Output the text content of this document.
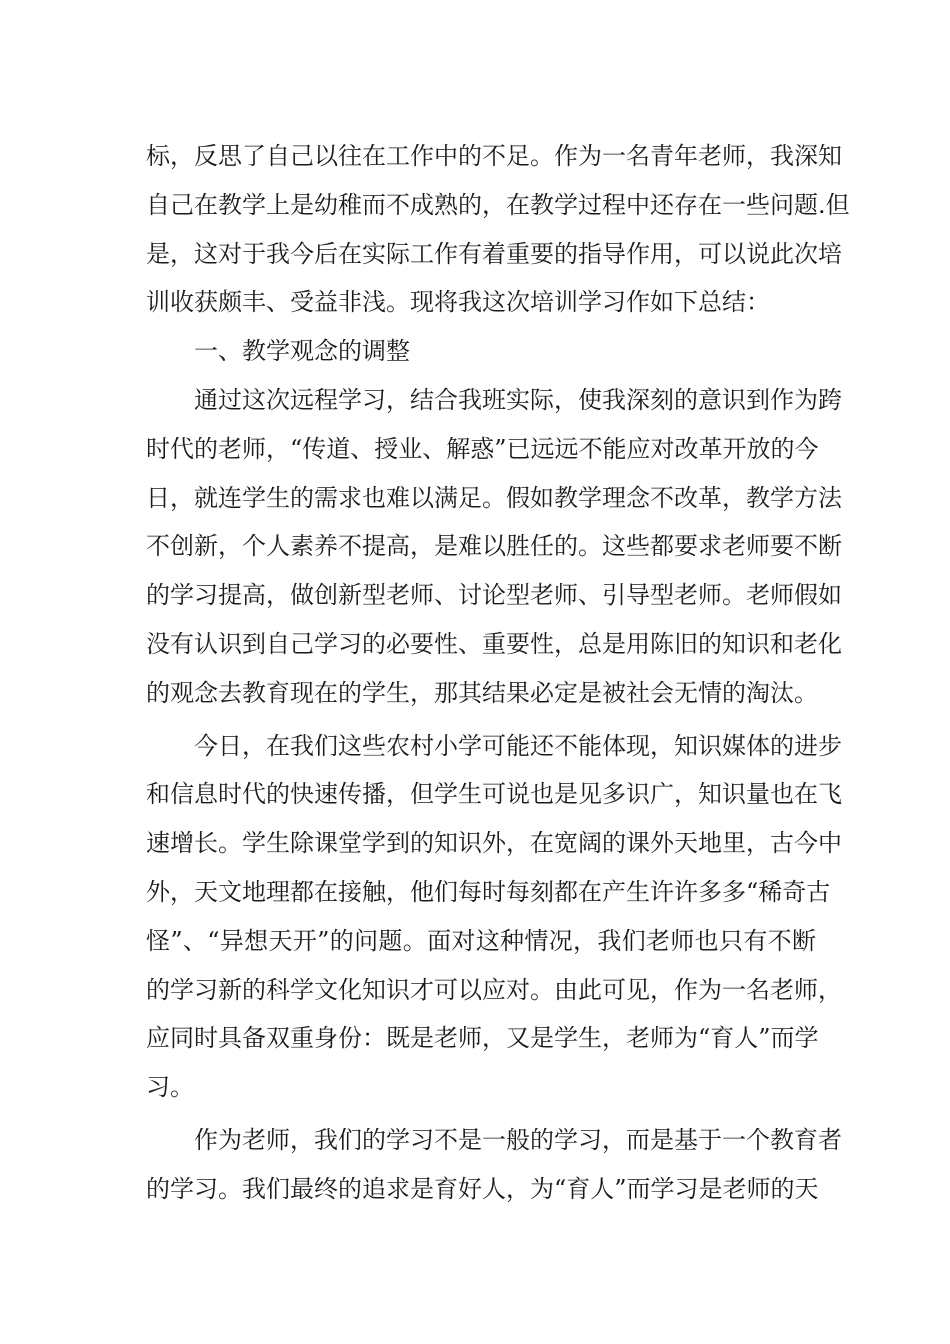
标，反思了自己以往在工作中的不足。作为一名青年老师，我深知
自己在教学上是幼稚而不成熟的，在教学过程中还存在一些问题.但
是，这对于我今后在实际工作有着重要的指导作用，可以说此次培
训收获颇丰、受益非浅。现将我这次培训学习作如下总结：
一、教学观念的调整
通过这次远程学习，结合我班实际，使我深刻的意识到作为跨
时代的老师，“传道、授业、解惑”已远远不能应对改革开放的今
日，就连学生的需求也难以满足。假如教学理念不改革，教学方法
不创新，个人素养不提高，是难以胜任的。这些都要求老师要不断
的学习提高，做创新型老师、讨论型老师、引导型老师。老师假如
没有认识到自己学习的必要性、重要性，总是用陈旧的知识和老化
的观念去教育现在的学生，那其结果必定是被社会无情的淘汰。
今日，在我们这些农村小学可能还不能体现，知识媒体的进步
和信息时代的快速传播，但学生可说也是见多识广，知识量也在飞
速增长。学生除课堂学到的知识外，在宽阔的课外天地里，古今中
外，天文地理都在接触，他们每时每刻都在产生许许多多“稀奇古
怪”、“异想天开”的问题。面对这种情况，我们老师也只有不断
的学习新的科学文化知识才可以应对。由此可见，作为一名老师，
应同时具备双重身份：既是老师，又是学生，老师为“育人”而学
习。
作为老师，我们的学习不是一般的学习，而是基于一个教育者
的学习。我们最终的追求是育好人，为“育人”而学习是老师的天
